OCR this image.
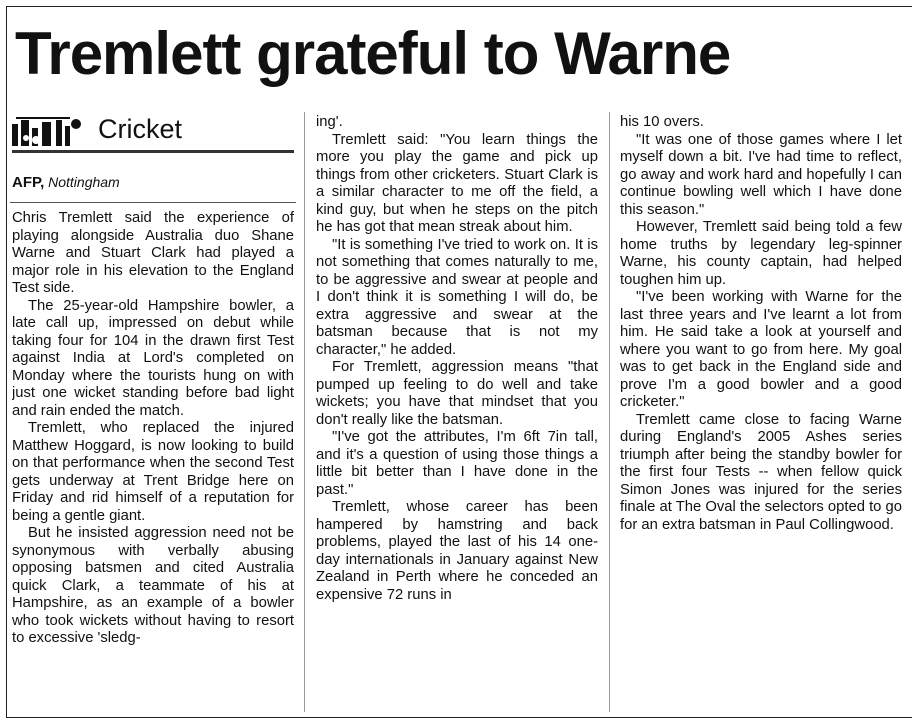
Tremlett grateful to Warne
Cricket
AFP, Nottingham

Chris Tremlett said the experience of playing alongside Australia duo Shane Warne and Stuart Clark had played a major role in his elevation to the England Test side.

The 25-year-old Hampshire bowler, a late call up, impressed on debut while taking four for 104 in the drawn first Test against India at Lord's completed on Monday where the tourists hung on with just one wicket standing before bad light and rain ended the match.

Tremlett, who replaced the injured Matthew Hoggard, is now looking to build on that performance when the second Test gets underway at Trent Bridge here on Friday and rid himself of a reputation for being a gentle giant.

But he insisted aggression need not be synonymous with verbally abusing opposing batsmen and cited Australia quick Clark, a teammate of his at Hampshire, as an example of a bowler who took wickets without having to resort to excessive 'sledg-

ing'.

Tremlett said: "You learn things the more you play the game and pick up things from other cricketers. Stuart Clark is a similar character to me off the field, a kind guy, but when he steps on the pitch he has got that mean streak about him.

"It is something I've tried to work on. It is not something that comes naturally to me, to be aggressive and swear at people and I don't think it is something I will do, be extra aggressive and swear at the batsman because that is not my character," he added.

For Tremlett, aggression means "that pumped up feeling to do well and take wickets; you have that mindset that you don't really like the batsman.

"I've got the attributes, I'm 6ft 7in tall, and it's a question of using those things a little bit better than I have done in the past."

Tremlett, whose career has been hampered by hamstring and back problems, played the last of his 14 one-day internationals in January against New Zealand in Perth where he conceded an expensive 72 runs in

his 10 overs.

"It was one of those games where I let myself down a bit. I've had time to reflect, go away and work hard and hopefully I can continue bowling well which I have done this season."

However, Tremlett said being told a few home truths by legendary leg-spinner Warne, his county captain, had helped toughen him up.

"I've been working with Warne for the last three years and I've learnt a lot from him. He said take a look at yourself and where you want to go from here. My goal was to get back in the England side and prove I'm a good bowler and a good cricketer."

Tremlett came close to facing Warne during England's 2005 Ashes series triumph after being the standby bowler for the first four Tests -- when fellow quick Simon Jones was injured for the series finale at The Oval the selectors opted to go for an extra batsman in Paul Collingwood.
